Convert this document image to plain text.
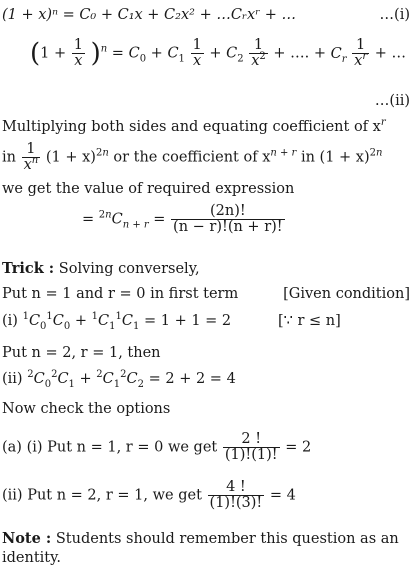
(1 + x)ⁿ = C₀ + C₁x + C₂x² + …Cᵣxʳ + …	…(i)
$(1 + \frac{1}{x} )^n = C_0 + C_1 \frac{1}{x} + C_2 \frac{1}{x^2}$ + …. + $C_r \frac{1}{x^r}$ + …
…(ii)
Multiplying both sides and equating coefficient of $x^r$
in $\frac{1}{x^n} (1 + x)^{2n}$ or the coefficient of $x^{n + r}$ in $(1 + x)^{2n}$
we get the value of required expression
= $^{2n}C_{n + r} = \frac{(2n)!}{(n - r)!(n + r)!}$
Trick : Solving conversely,
Put n = 1 and r = 0 in first term	[Given condition]
(i) $^1C_0^1C_0 + ^1C_1^1C_1 = 1 + 1 = 2$	[∵ r ≤ n]
Put n = 2, r = 1, then
(ii) $^2C_0^2C_1 + ^2C_1^2C_2 = 2 + 2 = 4$
Now check the options
(a) (i) Put n = 1, r = 0 we get $\frac{2 !}{(1)!(1)!} = 2$
(ii) Put n = 2, r = 1, we get $\frac{4 !}{(1)!(3)!} = 4$
Note : Students should remember this question as an
identity.
